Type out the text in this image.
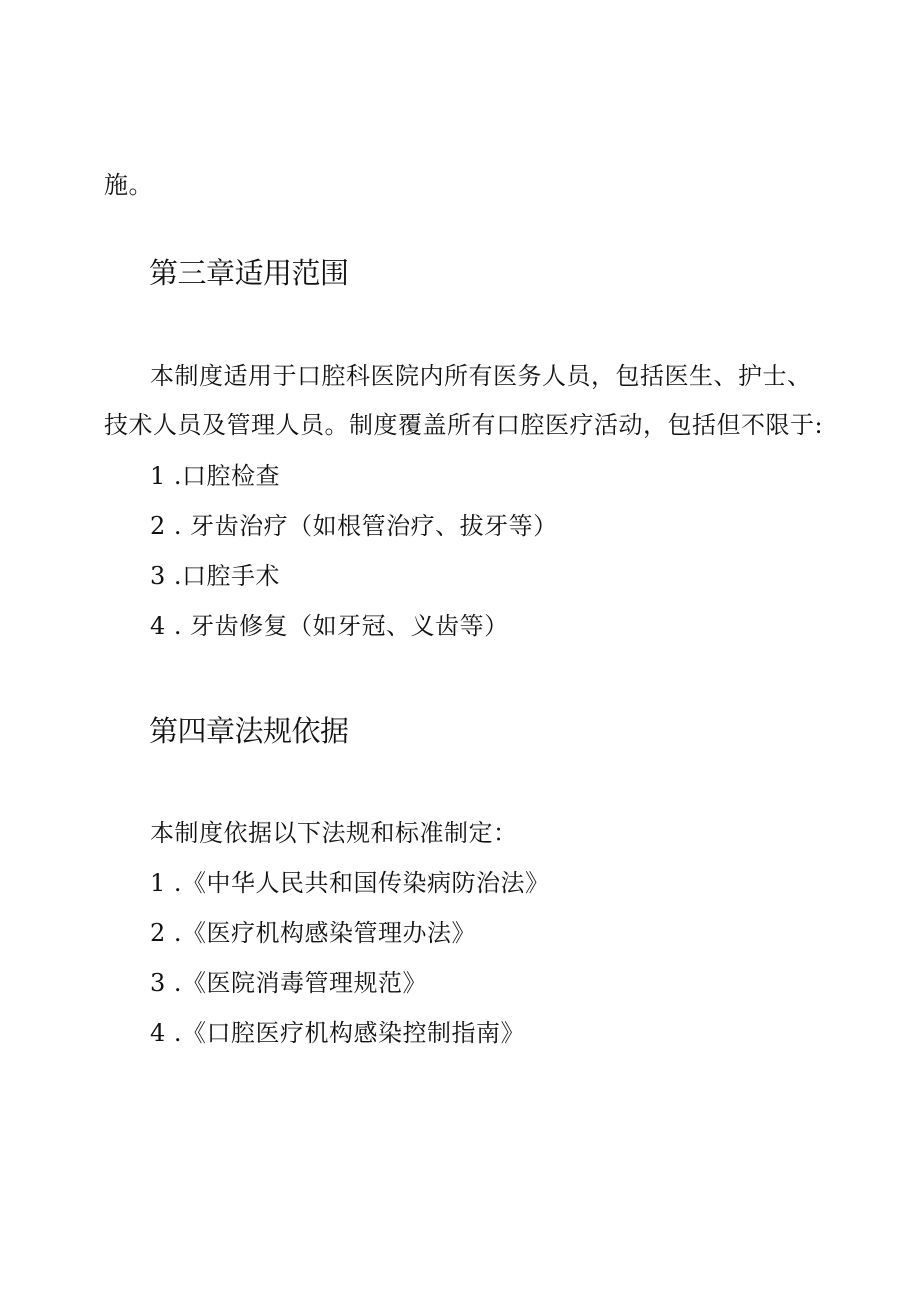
施。
第三章适用范围
本制度适用于口腔科医院内所有医务人员，包括医生、护士、
技术人员及管理人员。制度覆盖所有口腔医疗活动，包括但不限于:
1 .口腔检查
2 . 牙齿治疗（如根管治疗、拔牙等）
3 .口腔手术
4 . 牙齿修复（如牙冠、义齿等）
第四章法规依据
本制度依据以下法规和标准制定：
1 .《中华人民共和国传染病防治法》
2 .《医疗机构感染管理办法》
3 .《医院消毒管理规范》
4 .《口腔医疗机构感染控制指南》
